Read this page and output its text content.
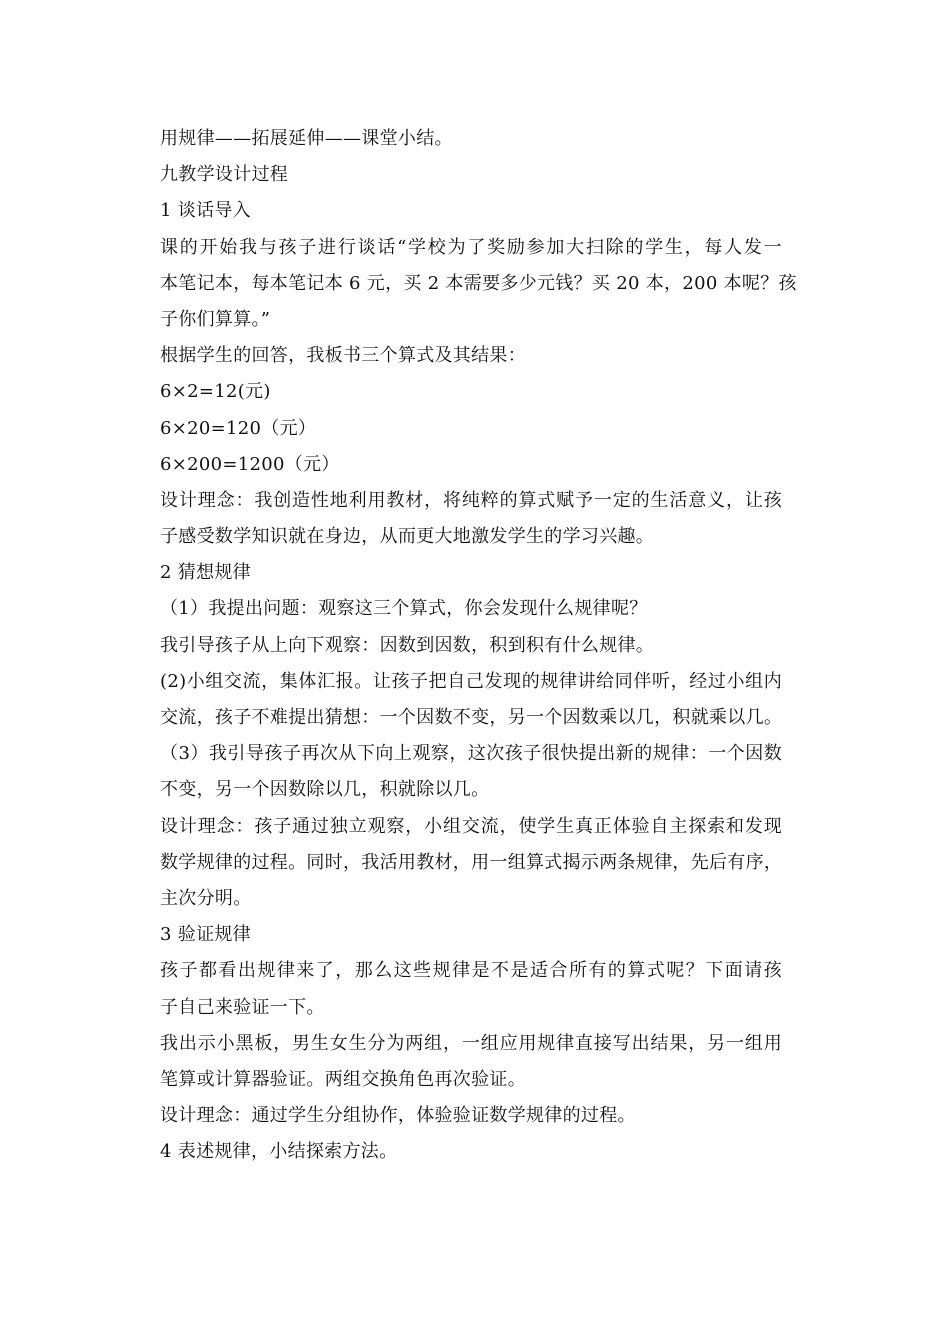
用规律——拓展延伸——课堂小结。
九教学设计过程
1 谈话导入
课的开始我与孩子进行谈话“学校为了奖励参加大扫除的学生，每人发一
本笔记本，每本笔记本 6 元，买 2 本需要多少元钱？买 20 本，200 本呢？孩
子你们算算。”
根据学生的回答，我板书三个算式及其结果：
6×2=12(元)
6×20=120（元）
6×200=1200（元）
设计理念：我创造性地利用教材，将纯粹的算式赋予一定的生活意义，让孩
子感受数学知识就在身边，从而更大地激发学生的学习兴趣。
2 猜想规律
（1）我提出问题：观察这三个算式，你会发现什么规律呢？
我引导孩子从上向下观察：因数到因数，积到积有什么规律。
(2)小组交流，集体汇报。让孩子把自己发现的规律讲给同伴听，经过小组内
交流，孩子不难提出猜想：一个因数不变，另一个因数乘以几，积就乘以几。
（3）我引导孩子再次从下向上观察，这次孩子很快提出新的规律：一个因数
不变，另一个因数除以几，积就除以几。
设计理念：孩子通过独立观察，小组交流，使学生真正体验自主探索和发现
数学规律的过程。同时，我活用教材，用一组算式揭示两条规律，先后有序，
主次分明。
3 验证规律
孩子都看出规律来了，那么这些规律是不是适合所有的算式呢？下面请孩
子自己来验证一下。
我出示小黑板，男生女生分为两组，一组应用规律直接写出结果，另一组用
笔算或计算器验证。两组交换角色再次验证。
设计理念：通过学生分组协作，体验验证数学规律的过程。
4 表述规律，小结探索方法。
